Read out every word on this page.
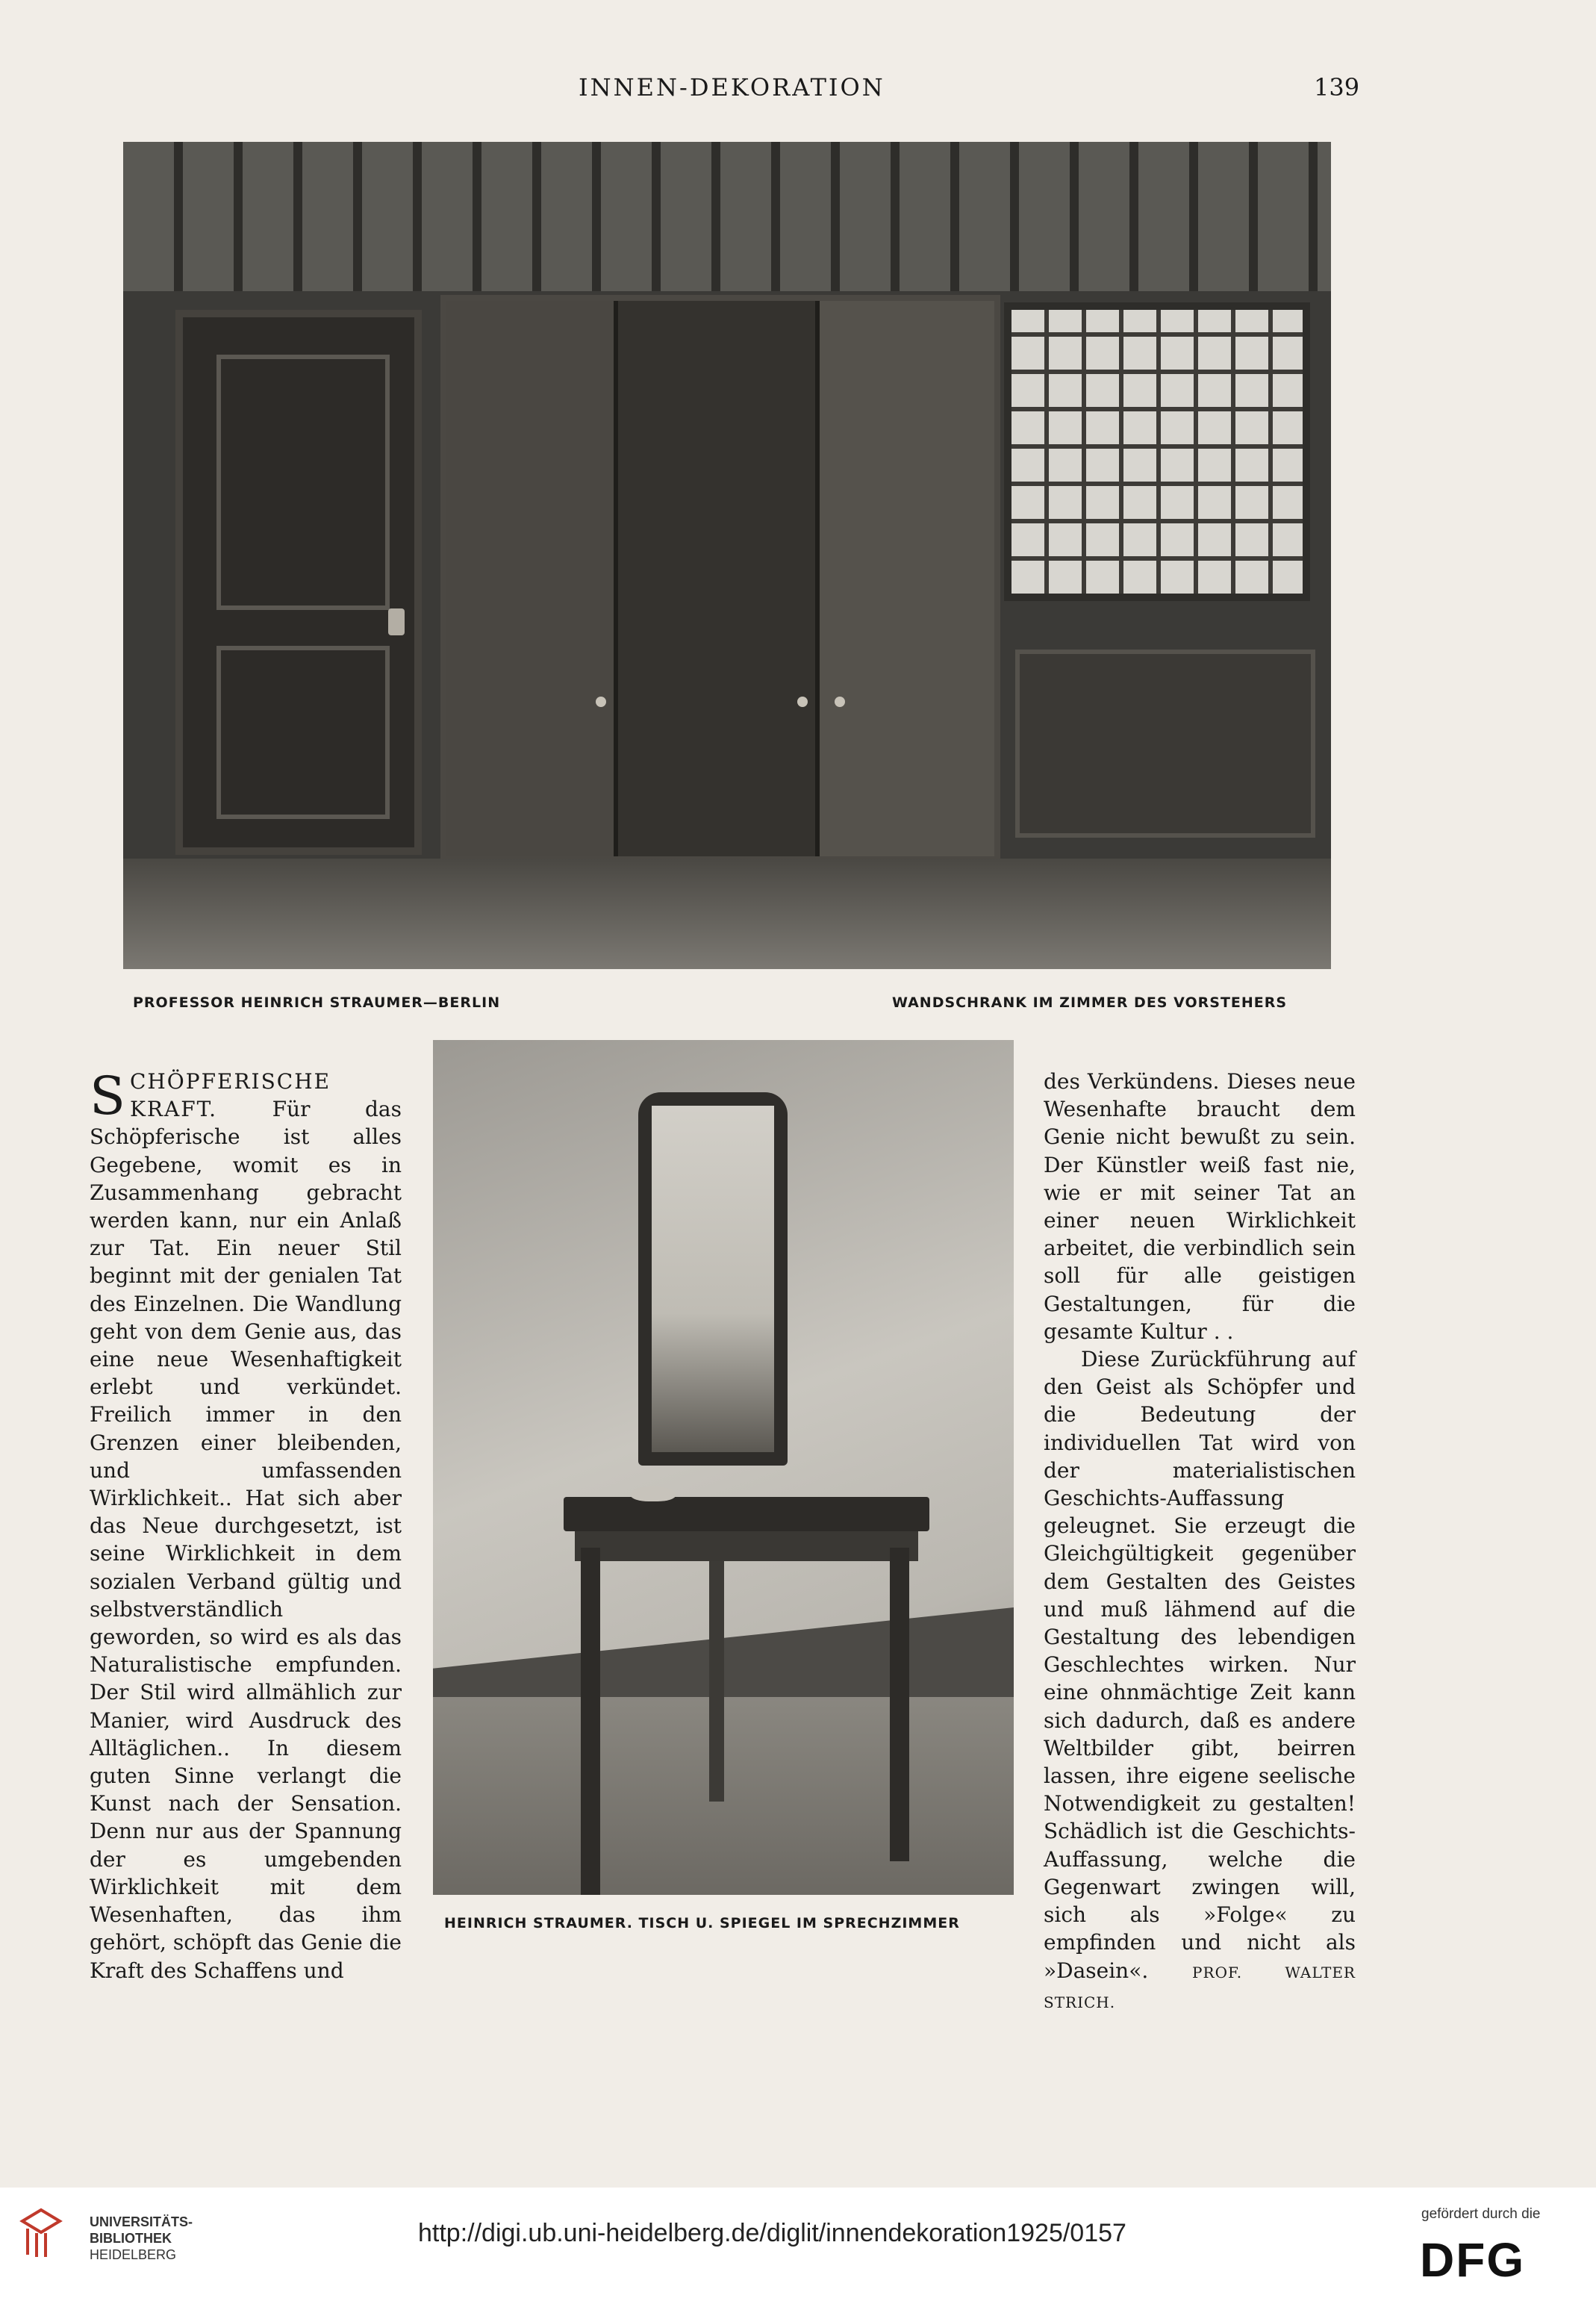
INNEN-DEKORATION	139
PROFESSOR HEINRICH STRAUMER—BERLIN	WANDSCHRANK IM ZIMMER DES VORSTEHERS

S CHÖPFERISCHE KRAFT.	Für das Schöpferische ist alles Gegebene, womit es in Zusammenhang gebracht werden kann, nur ein Anlaß zur Tat. Ein neuer Stil beginnt mit der genialen Tat des Einzelnen. Die Wandlung geht von dem Genie aus, das eine neue Wesenhaftigkeit erlebt und verkündet. Freilich immer in den Grenzen einer bleibenden, und umfassenden Wirklichkeit.. Hat sich aber das Neue durchgesetzt, ist seine Wirklichkeit in dem sozialen Verband gültig und selbstverständlich geworden, so wird es als das Naturalistische empfunden. Der Stil wird allmählich zur Manier, wird Ausdruck des Alltäglichen.. In diesem guten Sinne verlangt die Kunst nach der Sensation. Denn nur aus der Spannung der es umgebenden Wirklichkeit mit dem Wesenhaften, das ihm gehört, schöpft das Genie die Kraft des Schaffens und

HEINRICH STRAUMER. TISCH U. SPIEGEL IM SPRECHZIMMER

des Verkündens. Dieses neue Wesenhafte braucht dem Genie nicht bewußt zu sein. Der Künstler weiß fast nie, wie er mit seiner Tat an einer neuen Wirklichkeit arbeitet, die verbindlich sein soll für alle geistigen Gestaltungen, für die gesamte Kultur . .

Diese Zurückführung auf den Geist als Schöpfer und die Bedeutung der individuellen Tat wird von der materialistischen Geschichts-Auffassung geleugnet. Sie erzeugt die Gleichgültigkeit gegenüber dem Gestalten des Geistes und muß lähmend auf die Gestaltung des lebendigen Geschlechtes wirken. Nur eine ohnmächtige Zeit kann sich dadurch, daß es andere Weltbilder gibt, beirren lassen, ihre eigene seelische Notwendigkeit zu gestalten! Schädlich ist die Geschichts-Auffassung, welche die Gegenwart zwingen will, sich als »Folge« zu empfinden und nicht als »Dasein«.	PROF. WALTER STRICH.

UNIVERSITÄTS-
BIBLIOTHEK
HEIDELBERG
http://digi.ub.uni-heidelberg.de/diglit/innendekoration1925/0157
gefördert durch die
DFG
